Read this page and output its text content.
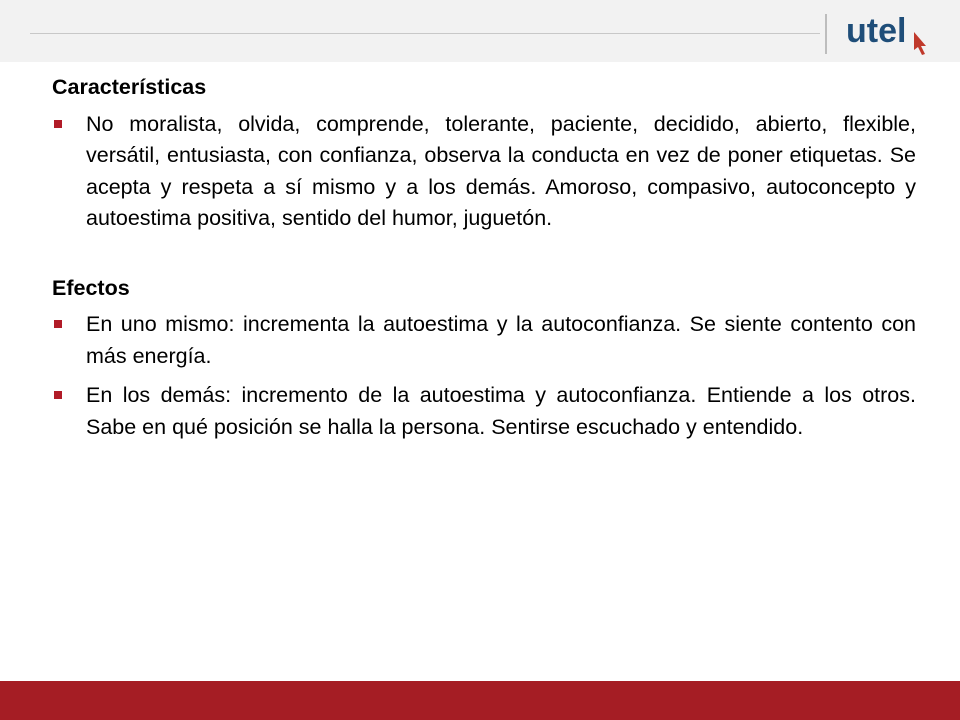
utel

Características

No moralista, olvida, comprende, tolerante, paciente, decidido, abierto, flexible, versátil, entusiasta, con confianza, observa la conducta en vez de poner etiquetas. Se acepta y respeta a sí mismo y a los demás. Amoroso, compasivo, autoconcepto y autoestima positiva, sentido del humor, juguetón.

Efectos

En uno mismo: incrementa la autoestima y la autoconfianza. Se siente contento con más energía.
En los demás: incremento de la autoestima y autoconfianza. Entiende a los otros. Sabe en qué posición se halla la persona. Sentirse escuchado y entendido.
